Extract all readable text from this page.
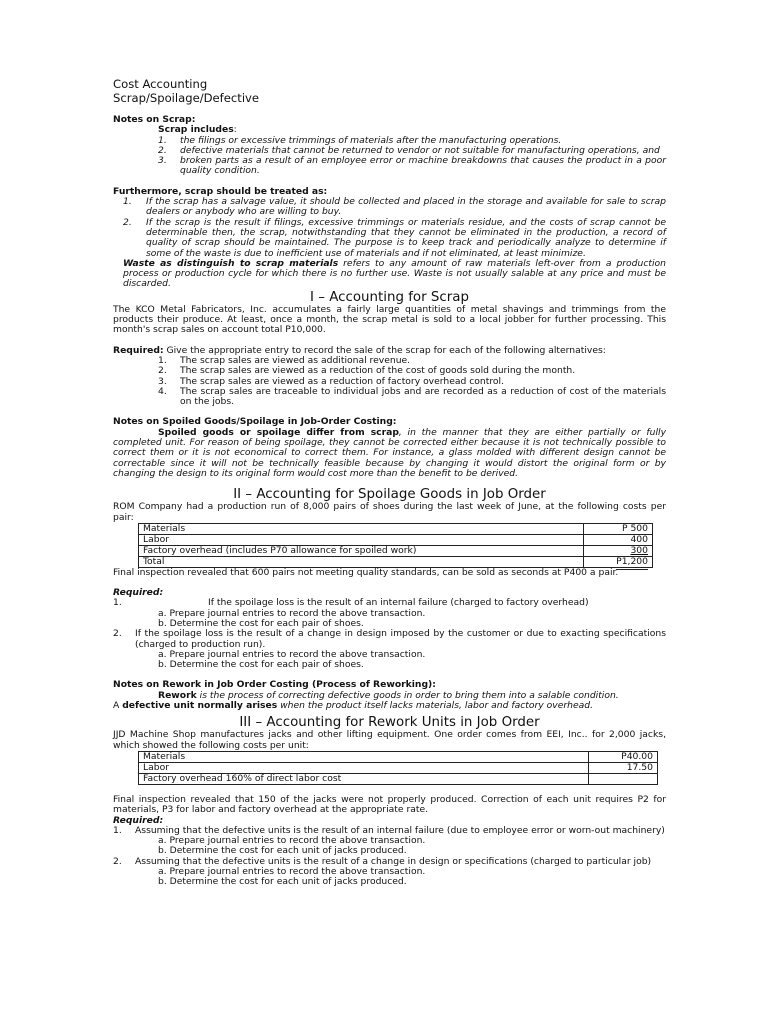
Cost Accounting
Scrap/Spoilage/Defective

Notes on Scrap:

Scrap includes:

1.	the filings or excessive trimmings of materials after the manufacturing operations.
2.	defective materials that cannot be returned to vendor or not suitable for manufacturing operations, and
3.	broken parts as a result of an employee error or machine breakdowns that causes the product in a poor quality condition.

Furthermore, scrap should be treated as:

1.	If the scrap has a salvage value, it should be collected and placed in the storage and available for sale to scrap dealers or anybody who are willing to buy.
2.	If the scrap is the result if filings, excessive trimmings or materials residue, and the costs of scrap cannot be determinable then, the scrap, notwithstanding that they cannot be eliminated in the production, a record of quality of scrap should be maintained. The purpose is to keep track and periodically analyze to determine if some of the waste is due to inefficient use of materials and if not eliminated, at least minimize.

Waste as distinguish to scrap materials refers to any amount of raw materials left-over from a production process or production cycle for which there is no further use. Waste is not usually salable at any price and must be discarded.

I – Accounting for Scrap

The KCO Metal Fabricators, Inc. accumulates a fairly large quantities of metal shavings and trimmings from the products their produce. At least, once a month, the scrap metal is sold to a local jobber for further processing. This month's scrap sales on account total P10,000.

Required: Give the appropriate entry to record the sale of the scrap for each of the following alternatives:

1.	The scrap sales are viewed as additional revenue.
2.	The scrap sales are viewed as a reduction of the cost of goods sold during the month.
3.	The scrap sales are viewed as a reduction of factory overhead control.
4.	The scrap sales are traceable to individual jobs and are recorded as a reduction of cost of the materials on the jobs.

Notes on Spoiled Goods/Spoilage in Job-Order Costing:

Spoiled goods or spoilage differ from scrap, in the manner that they are either partially or fully completed unit. For reason of being spoilage, they cannot be corrected either because it is not technically possible to correct them or it is not economical to correct them. For instance, a glass molded with different design cannot be correctable since it will not be technically feasible because by changing it would distort the original form or by changing the design to its original form would cost more than the benefit to be derived.

II – Accounting for Spoilage Goods in Job Order

ROM Company had a production run of 8,000 pairs of shoes during the last week of June, at the following costs per pair:

Materials	P 500
Labor	400
Factory overhead (includes P70 allowance for spoiled work)	300
Total	P1,200

Final inspection revealed that 600 pairs not meeting quality standards, can be sold as seconds at P400 a pair.

Required:

1.	If the spoilage loss is the result of an internal failure (charged to factory overhead)

a. Prepare journal entries to record the above transaction.

b. Determine the cost for each pair of shoes.

2.	If the spoilage loss is the result of a change in design imposed by the customer or due to exacting specifications (charged to production run).

a. Prepare journal entries to record the above transaction.

b. Determine the cost for each pair of shoes.

Notes on Rework in Job Order Costing (Process of Reworking):

Rework is the process of correcting defective goods in order to bring them into a salable condition.

A defective unit normally arises when the product itself lacks materials, labor and factory overhead.

III – Accounting for Rework Units in Job Order

JJD Machine Shop manufactures jacks and other lifting equipment. One order comes from EEI, Inc.. for 2,000 jacks, which showed the following costs per unit:

Materials	P40.00
Labor	17.50
Factory overhead 160% of direct labor cost	

Final inspection revealed that 150 of the jacks were not properly produced. Correction of each unit requires P2 for materials, P3 for labor and factory overhead at the appropriate rate.

Required:

1.	Assuming that the defective units is the result of an internal failure (due to employee error or worn-out machinery)

a. Prepare journal entries to record the above transaction.

b. Determine the cost for each unit of jacks produced.

2.	Assuming that the defective units is the result of a change in design or specifications (charged to particular job)

a. Prepare journal entries to record the above transaction.

b. Determine the cost for each unit of jacks produced.
